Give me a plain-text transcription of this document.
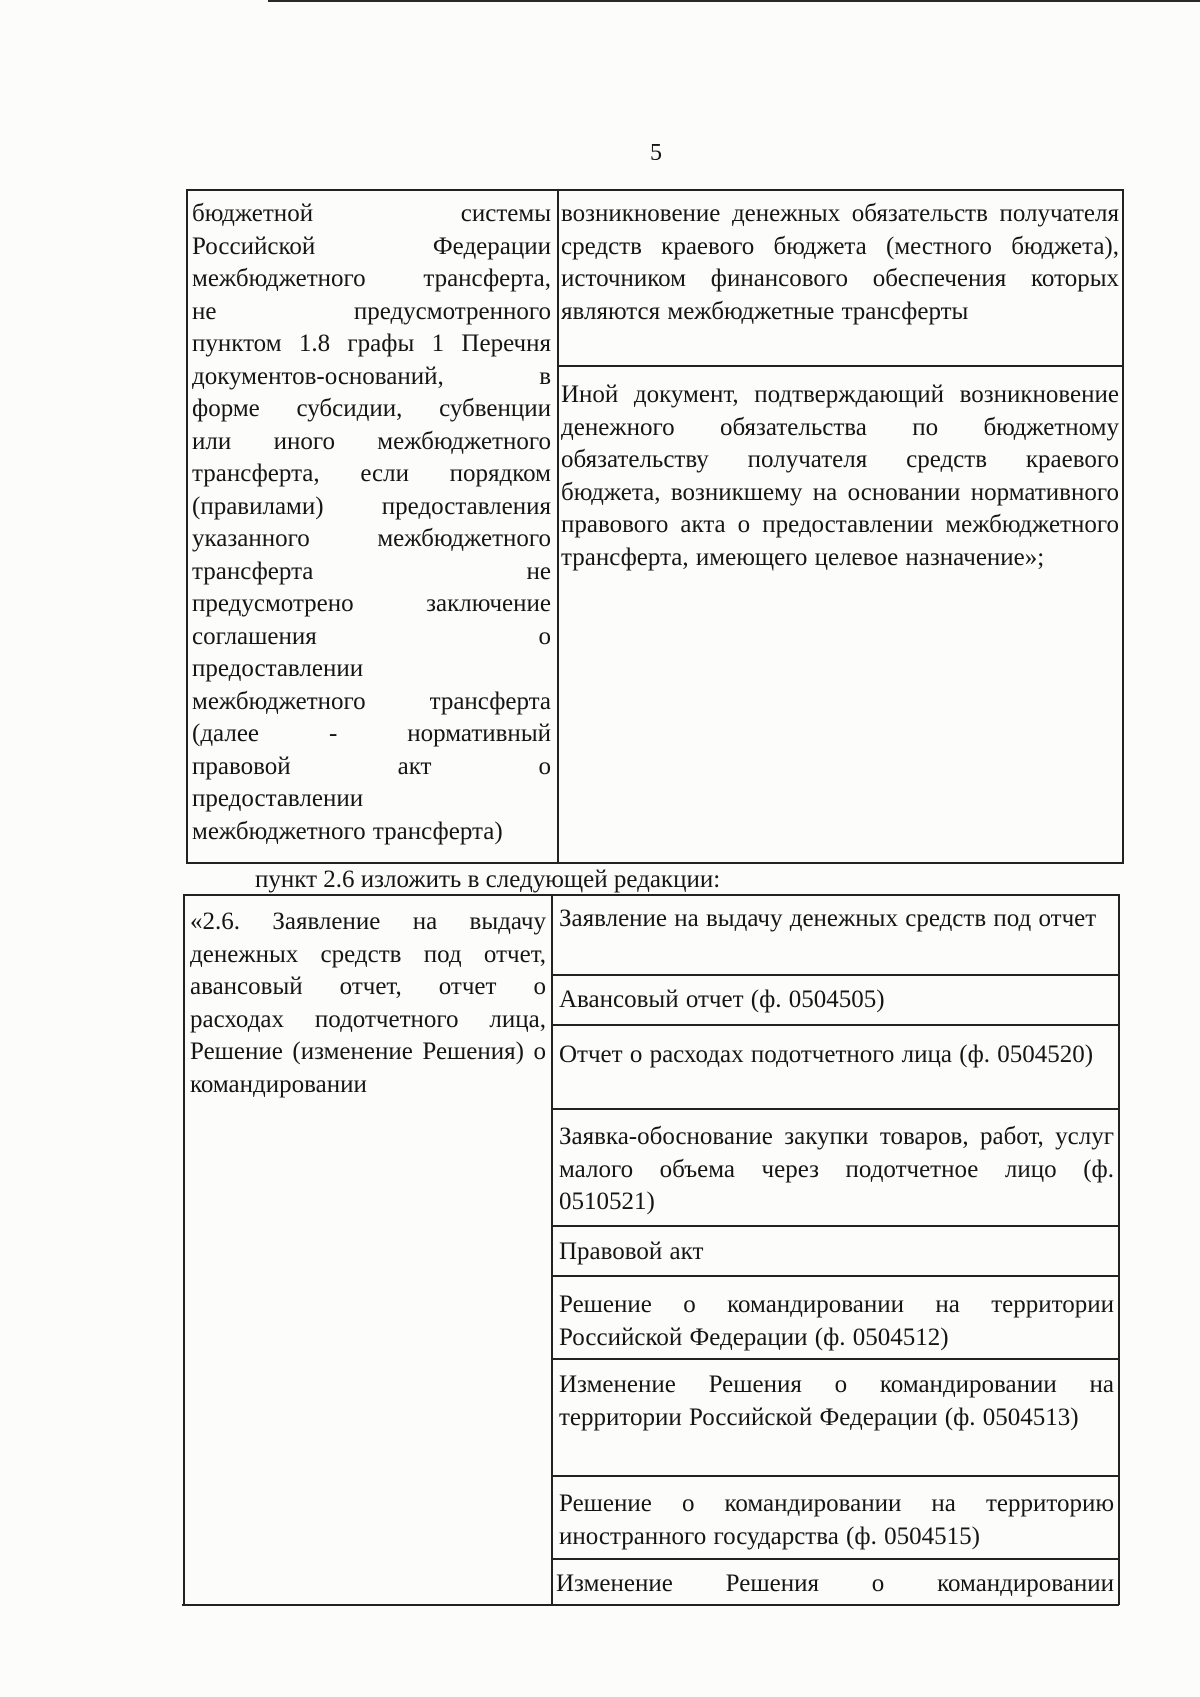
5
бюджетной системы
Российской Федерации
межбюджетного трансферта,
не предусмотренного
пунктом 1.8 графы 1 Перечня
документов-оснований, в
форме субсидии, субвенции
или иного межбюджетного
трансферта, если порядком
(правилами) предоставления
указанного межбюджетного
трансферта не
предусмотрено заключение
соглашения о
предоставлении
межбюджетного трансферта
(далее - нормативный
правовой акт о
предоставлении
межбюджетного трансферта)
возникновение денежных обязательств получателя средств краевого бюджета (местного бюджета), источником финансового обеспечения которых являются межбюджетные трансферты
Иной документ, подтверждающий возникновение денежного обязательства по бюджетному обязательству получателя средств краевого бюджета, возникшему на основании нормативного правового акта о предоставлении межбюджетного трансферта, имеющего целевое назначение»;
пункт 2.6 изложить в следующей редакции:
«2.6. Заявление на выдачу денежных средств под отчет, авансовый отчет, отчет о расходах подотчетного лица, Решение (изменение Решения) о командировании
Заявление на выдачу денежных средств под отчет
Авансовый отчет (ф. 0504505)
Отчет о расходах подотчетного лица (ф. 0504520)
Заявка-обоснование закупки товаров, работ, услуг малого объема через подотчетное лицо (ф. 0510521)
Правовой акт
Решение о командировании на территории Российской Федерации (ф. 0504512)
Изменение Решения о командировании на территории Российской Федерации (ф. 0504513)
Решение о командировании на территорию иностранного государства (ф. 0504515)
Изменение Решения о командировании
